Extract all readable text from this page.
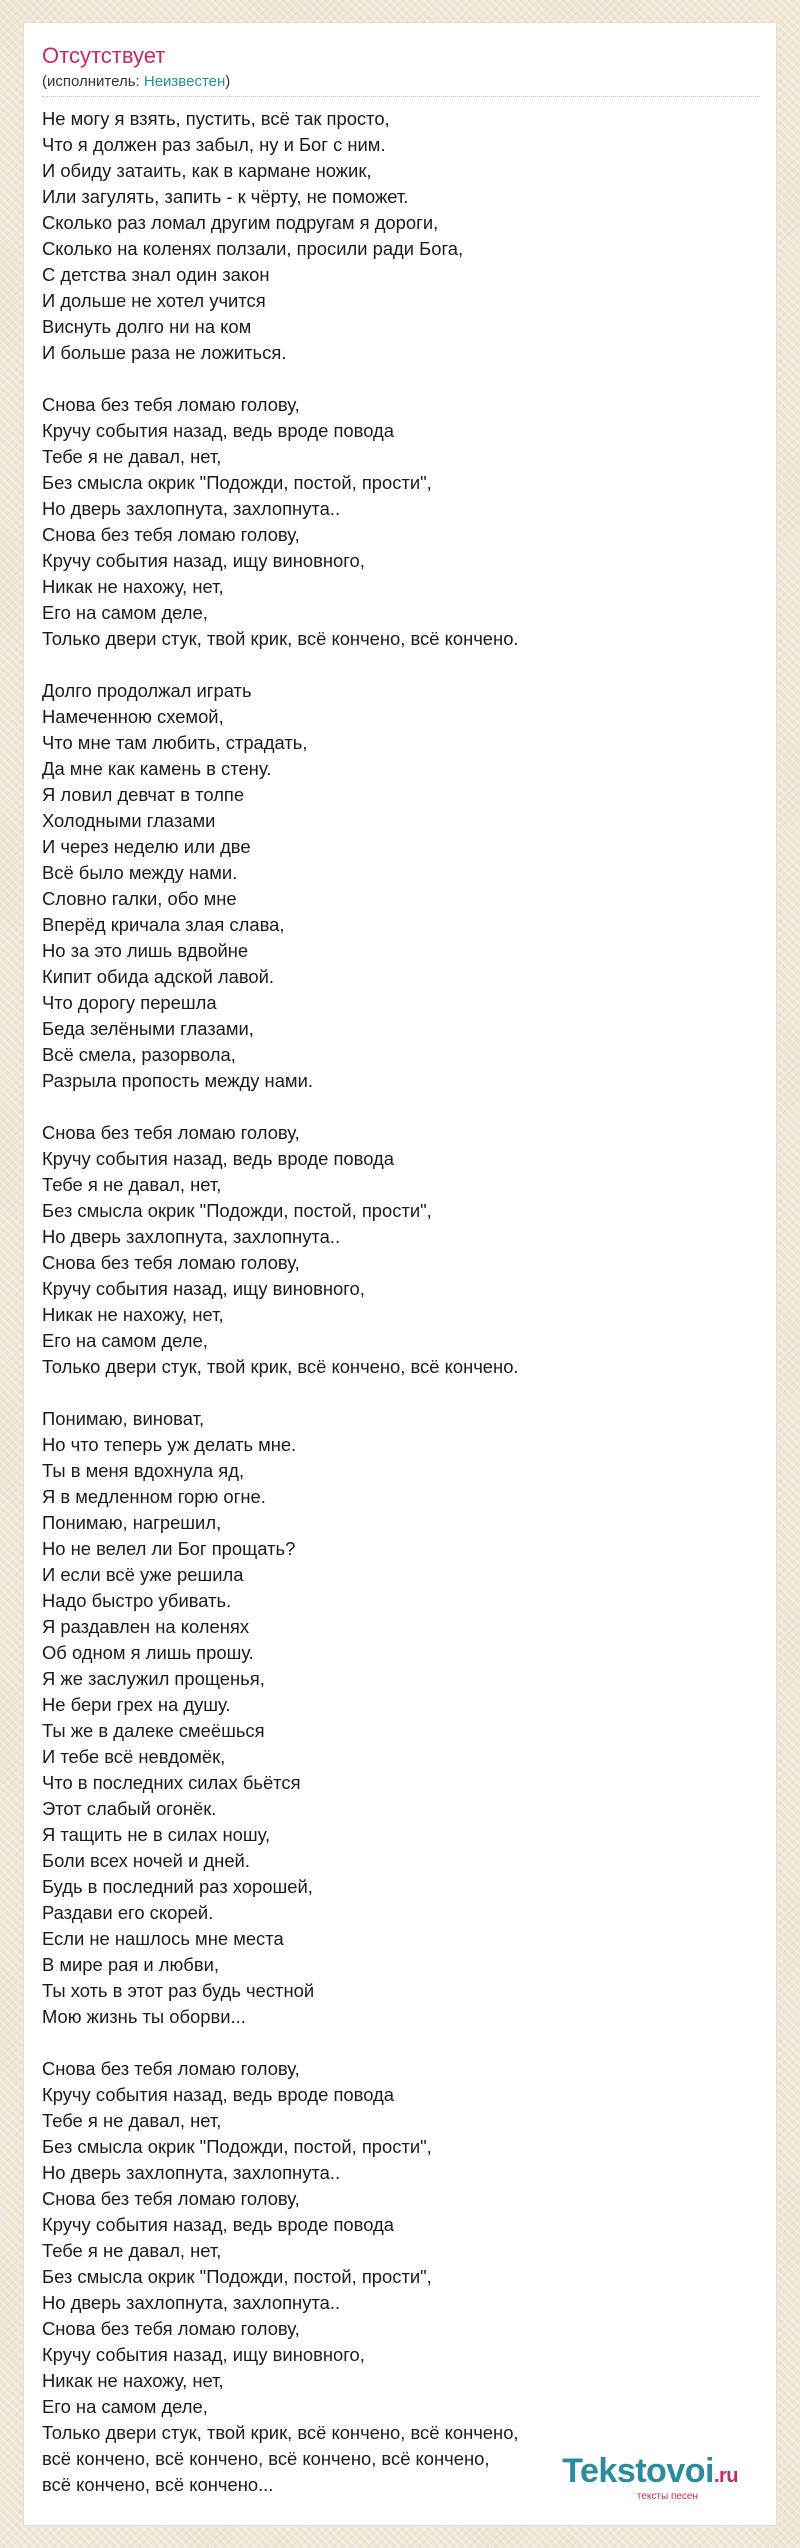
Отсутствует
(исполнитель: Неизвестен)
Не могу я взять, пустить, всё так просто,
Что я должен раз забыл, ну и Бог с ним.
И обиду затаить, как в кармане ножик,
Или загулять, запить - к чёрту, не поможет.
Сколько раз ломал другим подругам я дороги,
Сколько на коленях ползали, просили ради Бога,
С детства знал один закон
И дольше не хотел учится
Виснуть долго ни на ком
И больше раза не ложиться.
Снова без тебя ломаю голову,
Кручу события назад, ведь вроде повода
Тебе я не давал, нет,
Без смысла окрик "Подожди, постой, прости",
Но дверь захлопнута, захлопнута..
Снова без тебя ломаю голову,
Кручу события назад, ищу виновного,
Никак не нахожу, нет,
Его на самом деле,
Только двери стук, твой крик, всё кончено, всё кончено.
Долго продолжал играть
Намеченною схемой,
Что мне там любить, страдать,
Да мне как камень в стену.
Я ловил девчат в толпе
Холодными глазами
И через неделю или две
Всё было между нами.
Словно галки, обо мне
Вперёд кричала злая слава,
Но за это лишь вдвойне
Кипит обида адской лавой.
Что дорогу перешла
Беда зелёными глазами,
Всё смела, разорвола,
Разрыла пропость между нами.
Снова без тебя ломаю голову,
Кручу события назад, ведь вроде повода
Тебе я не давал, нет,
Без смысла окрик "Подожди, постой, прости",
Но дверь захлопнута, захлопнута..
Снова без тебя ломаю голову,
Кручу события назад, ищу виновного,
Никак не нахожу, нет,
Его на самом деле,
Только двери стук, твой крик, всё кончено, всё кончено.
Понимаю, виноват,
Но что теперь уж делать мне.
Ты в меня вдохнула яд,
Я в медленном горю огне.
Понимаю, нагрешил,
Но не велел ли Бог прощать?
И если всё уже решила
Надо быстро убивать.
Я раздавлен на коленях
Об одном я лишь прошу.
Я же заслужил прощенья,
Не бери грех на душу.
Ты же в далеке смеёшься
И тебе всё невдомёк,
Что в последних силах бьётся
Этот слабый огонёк.
Я тащить не в силах ношу,
Боли всех ночей и дней.
Будь в последний раз хорошей,
Раздави его скорей.
Если не нашлось мне места
В мире рая и любви,
Ты хоть в этот раз будь честной
Мою жизнь ты оборви...
Снова без тебя ломаю голову,
Кручу события назад, ведь вроде повода
Тебе я не давал, нет,
Без смысла окрик "Подожди, постой, прости",
Но дверь захлопнута, захлопнута..
Снова без тебя ломаю голову,
Кручу события назад, ведь вроде повода
Тебе я не давал, нет,
Без смысла окрик "Подожди, постой, прости",
Но дверь захлопнута, захлопнута..
Снова без тебя ломаю голову,
Кручу события назад, ищу виновного,
Никак не нахожу, нет,
Его на самом деле,
Только двери стук, твой крик, всё кончено, всё кончено,
всё кончено, всё кончено, всё кончено, всё кончено,
всё кончено, всё кончено...	Tekstovoi.ru
тексты песен
